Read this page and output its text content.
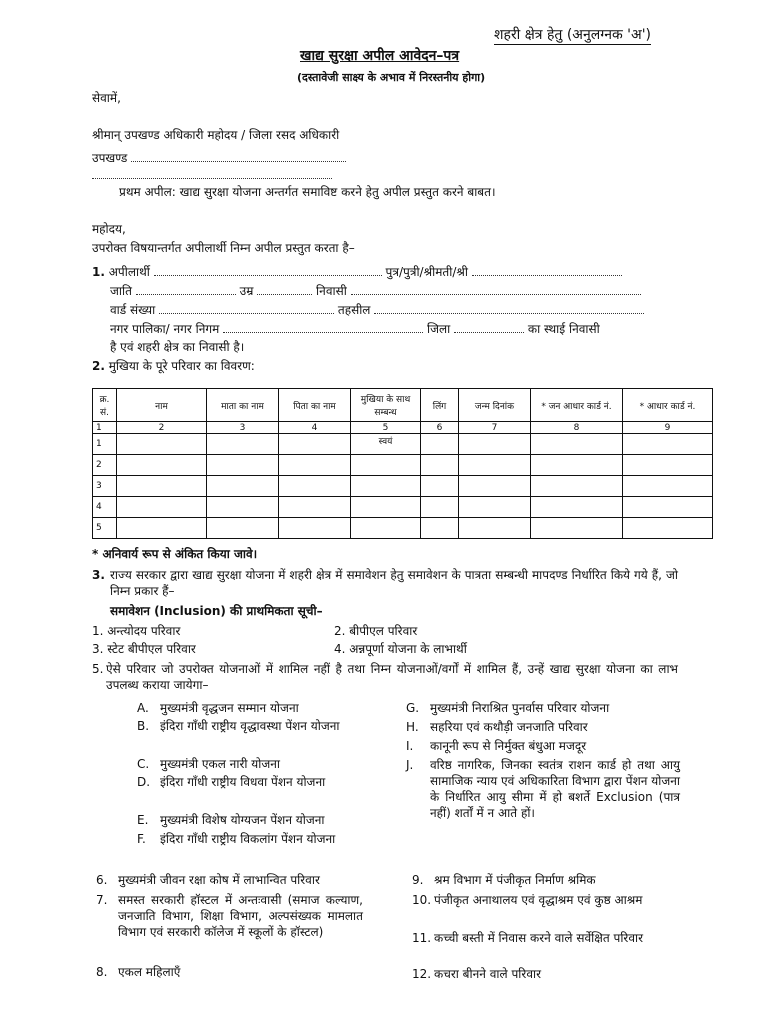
शहरी क्षेत्र हेतु (अनुलग्नक 'अ')
खाद्य सुरक्षा अपील आवेदन–पत्र
(दस्तावेजी साक्ष्य के अभाव में निरस्तनीय होगा)
सेवामें,
श्रीमान् उपखण्ड अधिकारी महोदय / जिला रसद अधिकारी
उपखण्ड
प्रथम अपील: खाद्य सुरक्षा योजना अन्तर्गत समाविष्ट करने हेतु अपील प्रस्तुत करने बाबत।
महोदय,
उपरोक्त विषयान्तर्गत अपीलार्थी निम्न अपील प्रस्तुत करता है–
1. अपीलार्थी	पुत्र/पुत्री/श्रीमती/श्री
जाति	उम्र	निवासी
वार्ड संख्या	तहसील
नगर पालिका/ नगर निगम	जिला	का स्थाई निवासी
है एवं शहरी क्षेत्र का निवासी है।
2. मुखिया के पूरे परिवार का विवरण:
क्र. सं.	नाम	माता का नाम	पिता का नाम	मुखिया के साथ सम्बन्ध	लिंग	जन्म दिनांक	* जन आधार कार्ड नं.	* आधार कार्ड नं.
1	2	3	4	5	6	7	8	9
1				स्वयं				
2								
3								
4								
5								
* अनिवार्य रूप से अंकित किया जावे।
3. राज्य सरकार द्वारा खाद्य सुरक्षा योजना में शहरी क्षेत्र में समावेशन हेतु समावेशन के पात्रता सम्बन्धी मापदण्ड निर्धारित किये गये हैं, जो निम्न प्रकार हैं–
समावेशन (Inclusion) की प्राथमिकता सूची–
1. अन्त्योदय परिवार
3. स्टेट बीपीएल परिवार
2. बीपीएल परिवार
4. अन्नपूर्णा योजना के लाभार्थी
5. ऐसे परिवार जो उपरोक्त योजनाओं में शामिल नहीं है तथा निम्न योजनाओं/वर्गों में शामिल हैं, उन्हें खाद्य सुरक्षा योजना का लाभ उपलब्ध कराया जायेगा–
A. मुख्यमंत्री वृद्धजन सम्मान योजना
B. इंदिरा गाँधी राष्ट्रीय वृद्धावस्था पेंशन योजना
C. मुख्यमंत्री एकल नारी योजना
D. इंदिरा गाँधी राष्ट्रीय विधवा पेंशन योजना
E. मुख्यमंत्री विशेष योग्यजन पेंशन योजना
F. इंदिरा गाँधी राष्ट्रीय विकलांग पेंशन योजना
G. मुख्यमंत्री निराश्रित पुनर्वास परिवार योजना
H. सहरिया एवं कथौड़ी जनजाति परिवार
I. कानूनी रूप से निर्मुक्त बंधुआ मजदूर
J. वरिष्ठ नागरिक, जिनका स्वतंत्र राशन कार्ड हो तथा आयु सामाजिक न्याय एवं अधिकारिता विभाग द्वारा पेंशन योजना के निर्धारित आयु सीमा में हो बशर्ते Exclusion (पात्र नहीं) शर्तों में न आते हों।
6. मुख्यमंत्री जीवन रक्षा कोष में लाभान्वित परिवार
7. समस्त सरकारी हॉस्टल में अन्तःवासी (समाज कल्याण, जनजाति विभाग, शिक्षा विभाग, अल्पसंख्यक मामलात विभाग एवं सरकारी कॉलेज में स्कूलों के हॉस्टल)
8. एकल महिलाएँ
9. श्रम विभाग में पंजीकृत निर्माण श्रमिक
10. पंजीकृत अनाथालय एवं वृद्धाश्रम एवं कुष्ठ आश्रम
11. कच्ची बस्ती में निवास करने वाले सर्वेक्षित परिवार
12. कचरा बीनने वाले परिवार
